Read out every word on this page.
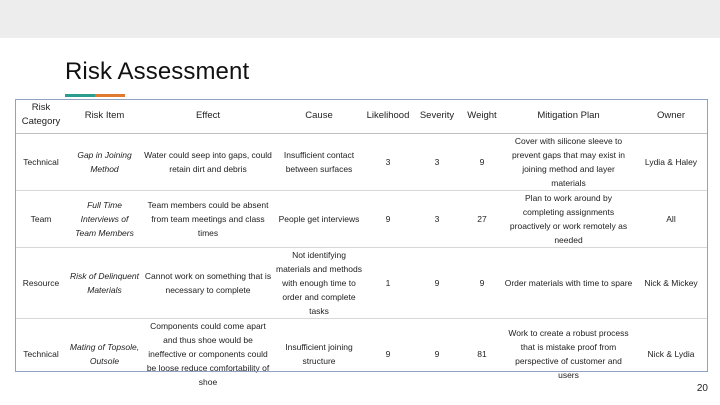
Risk Assessment
Risk Category	Risk Item	Effect	Cause	Likelihood	Severity	Weight	Mitigation Plan	Owner
Technical	Gap in Joining Method	Water could seep into gaps, could retain dirt and debris	Insufficient contact between surfaces	3	3	9	Cover with silicone sleeve to prevent gaps that may exist in joining method and layer materials	Lydia & Haley
Team	Full Time Interviews of Team Members	Team members could be absent from team meetings and class times	People get interviews	9	3	27	Plan to work around by completing assignments proactively or work remotely as needed	All
Resource	Risk of Delinquent Materials	Cannot work on something that is necessary to complete	Not identifying materials and methods with enough time to order and complete tasks	1	9	9	Order materials with time to spare	Nick & Mickey
Technical	Mating of Topsole, Outsole	Components could come apart and thus shoe would be ineffective or components could be loose reduce comfortability of shoe	Insufficient joining structure	9	9	81	Work to create a robust process that is mistake proof from perspective of customer and users	Nick & Lydia
20
